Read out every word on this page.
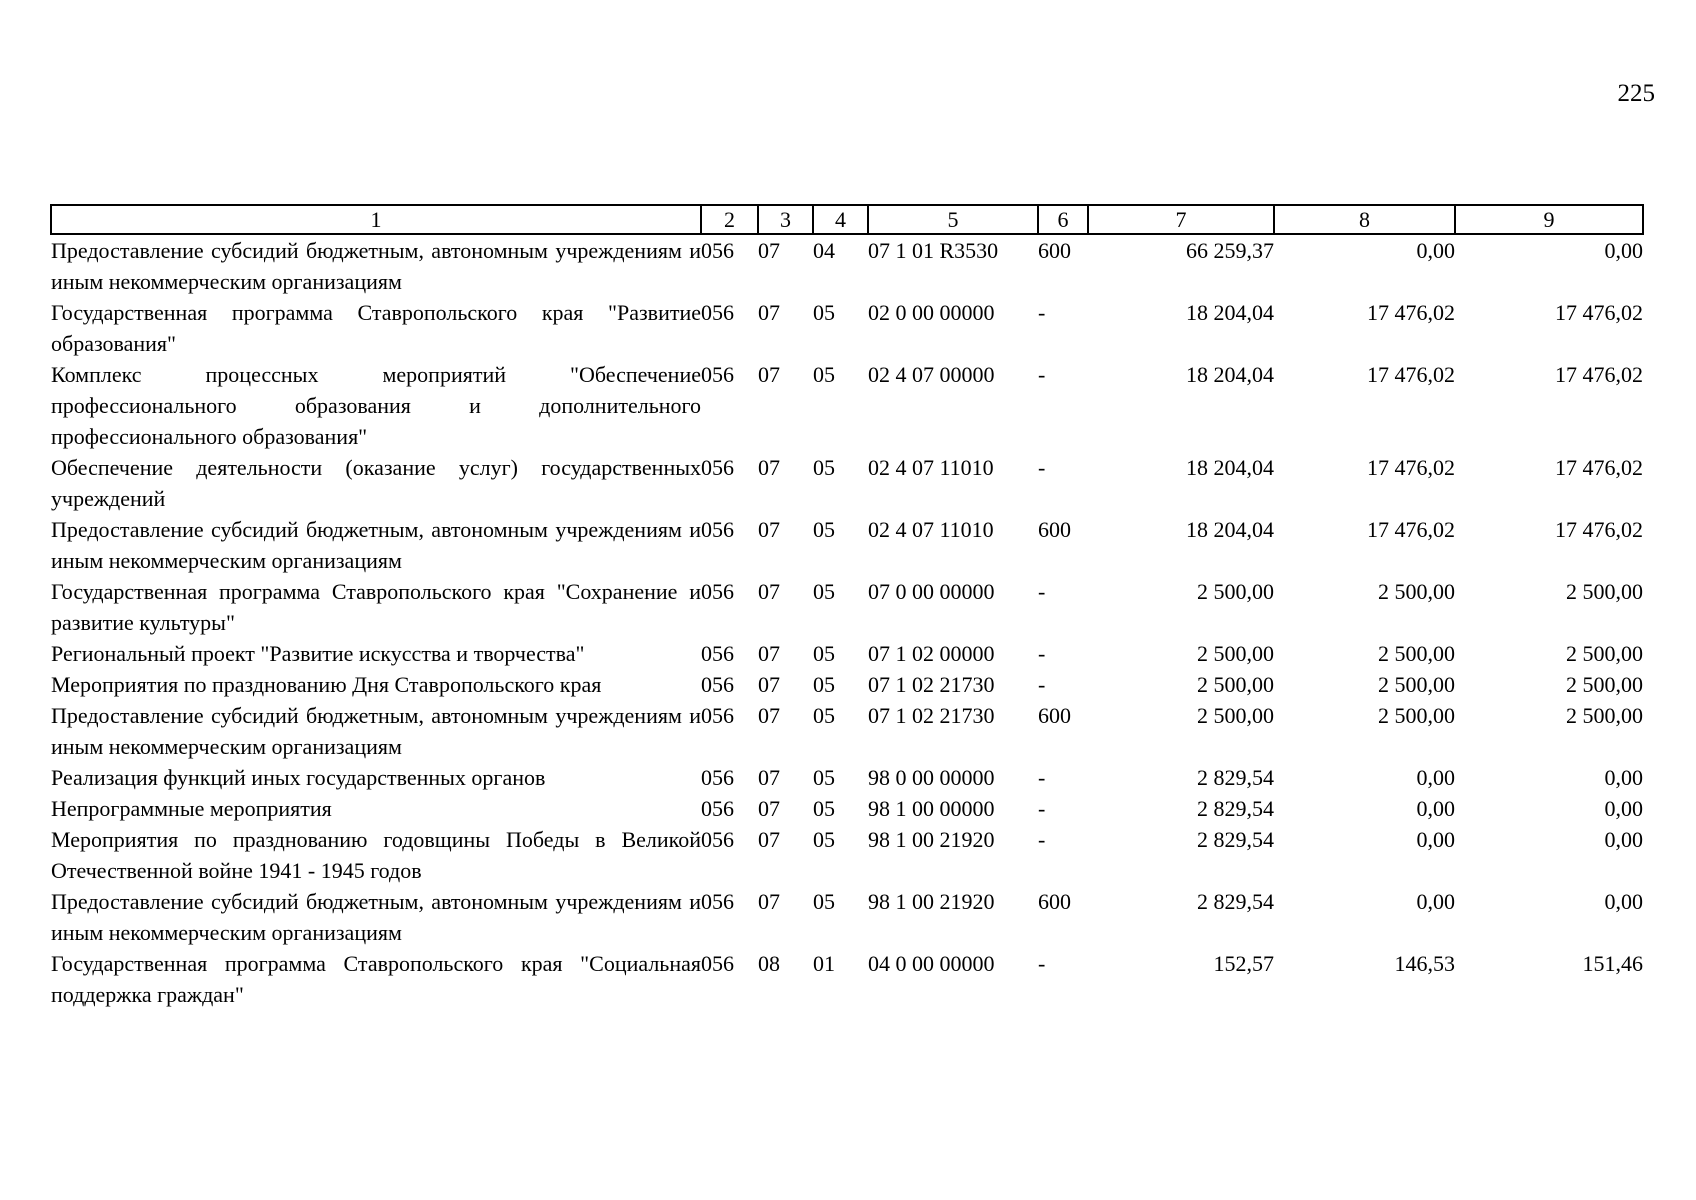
225
1	2	3	4	5	6	7	8	9
Предоставление субсидий бюджетным, автономным учреждениям и иным некоммерческим организациям	056	07	04	07 1 01 R3530	600	66 259,37	0,00	0,00
Государственная программа Ставропольского края "Развитие образования"	056	07	05	02 0 00 00000	-	18 204,04	17 476,02	17 476,02
Комплекс процессных мероприятий "Обеспечение профессионального образования и дополнительного профессионального образования"	056	07	05	02 4 07 00000	-	18 204,04	17 476,02	17 476,02
Обеспечение деятельности (оказание услуг) государственных учреждений	056	07	05	02 4 07 11010	-	18 204,04	17 476,02	17 476,02
Предоставление субсидий бюджетным, автономным учреждениям и иным некоммерческим организациям	056	07	05	02 4 07 11010	600	18 204,04	17 476,02	17 476,02
Государственная программа Ставропольского края "Сохранение и развитие культуры"	056	07	05	07 0 00 00000	-	2 500,00	2 500,00	2 500,00
Региональный проект "Развитие искусства и творчества"	056	07	05	07 1 02 00000	-	2 500,00	2 500,00	2 500,00
Мероприятия по празднованию Дня Ставропольского края	056	07	05	07 1 02 21730	-	2 500,00	2 500,00	2 500,00
Предоставление субсидий бюджетным, автономным учреждениям и иным некоммерческим организациям	056	07	05	07 1 02 21730	600	2 500,00	2 500,00	2 500,00
Реализация функций иных государственных органов	056	07	05	98 0 00 00000	-	2 829,54	0,00	0,00
Непрограммные мероприятия	056	07	05	98 1 00 00000	-	2 829,54	0,00	0,00
Мероприятия по празднованию годовщины Победы в Великой Отечественной войне 1941 - 1945 годов	056	07	05	98 1 00 21920	-	2 829,54	0,00	0,00
Предоставление субсидий бюджетным, автономным учреждениям и иным некоммерческим организациям	056	07	05	98 1 00 21920	600	2 829,54	0,00	0,00
Государственная программа Ставропольского края "Социальная поддержка граждан"	056	08	01	04 0 00 00000	-	152,57	146,53	151,46
